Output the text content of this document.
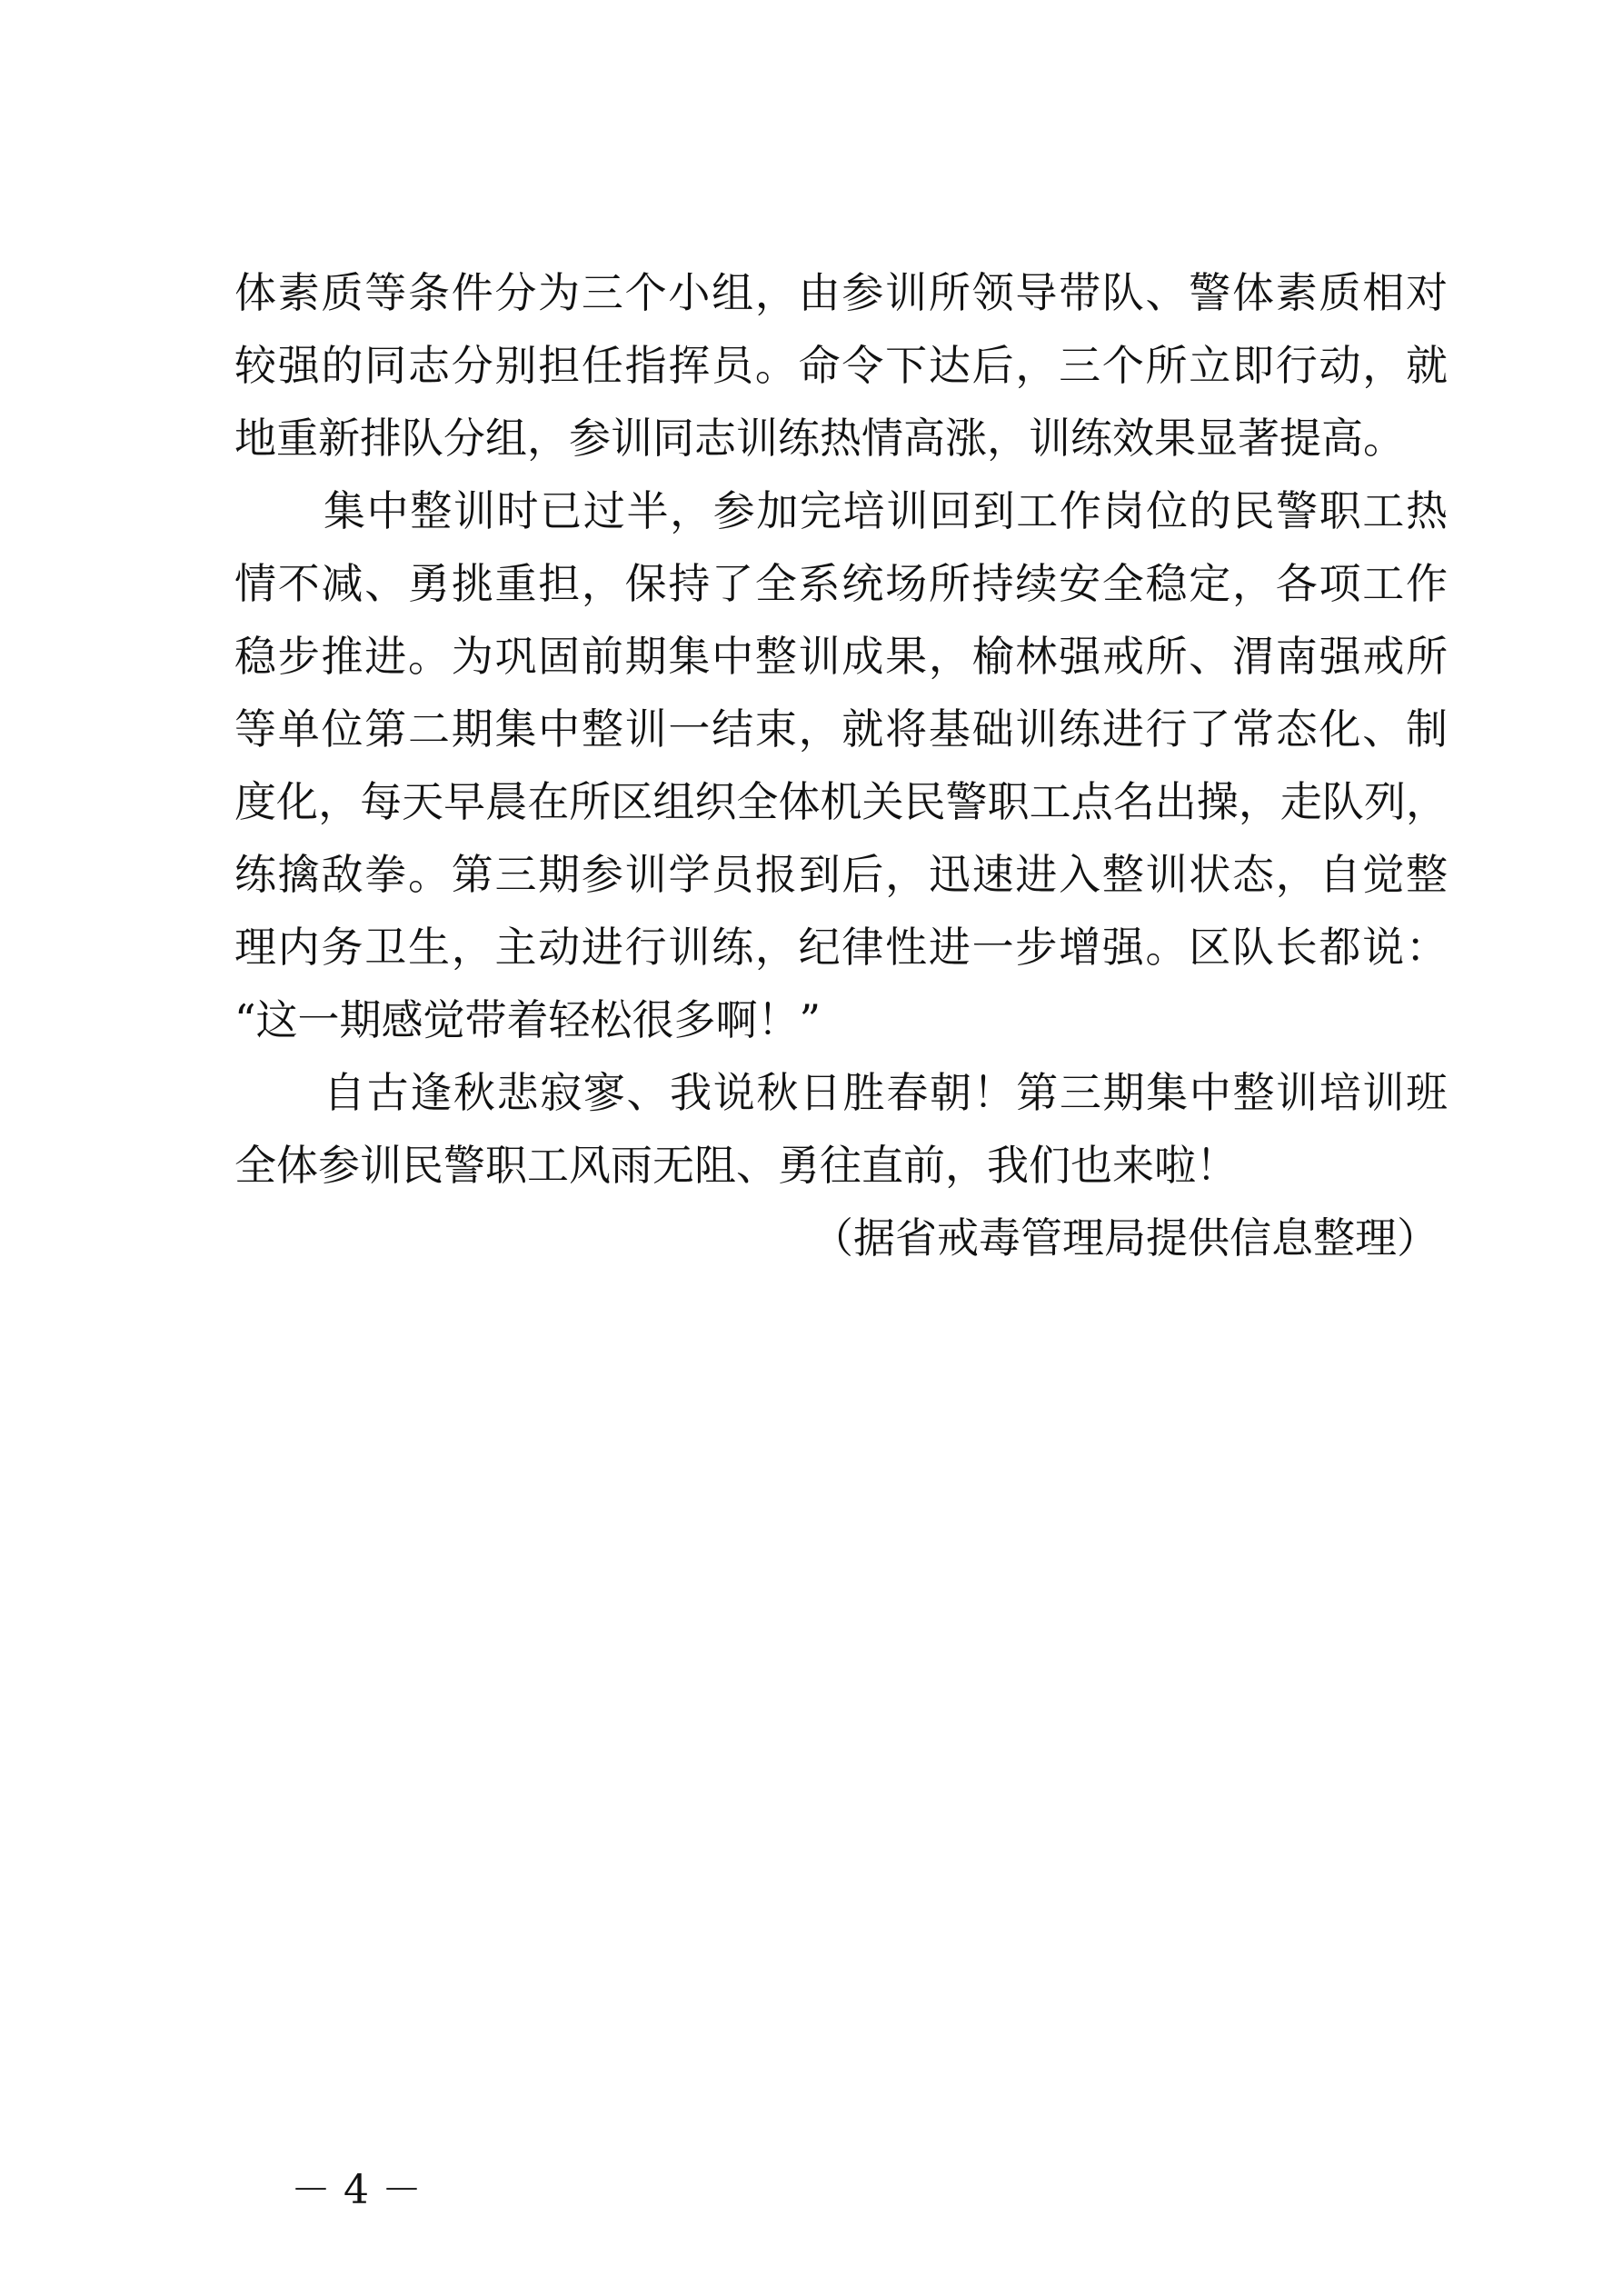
体素质等条件分为三个小组，由参训所领导带队、警体素质相对
较强的同志分别担任指挥员。命令下达后，三个所立即行动，就
地重新排队分组，参训同志训练热情高涨，训练效果显著提高。

集中整训时已过半，参加完培训回到工作岗位的民警职工热
情不减、勇挑重担，保持了全系统场所持续安全稳定，各项工作
稳步推进。为巩固前期集中整训成果，榆林强戒所、渭南强戒所
等单位第二期集中整训一结束，就将基础训练进行了常态化、制
度化，每天早晨在所区组织全体机关民警职工点名出操，走队列，
练擒敌拳。第三期参训学员报到后，迅速进入整训状态，自觉整
理内务卫生，主动进行训练，纪律性进一步增强。区队长都说：
“这一期感觉带着轻松很多啊！”

自古逢秋悲寂寥、我说秋日胜春朝！第三期集中整训培训班
全体参训民警职工风雨无阻、勇往直前，我们也来啦！

（据省戒毒管理局提供信息整理）

－ 4 －
